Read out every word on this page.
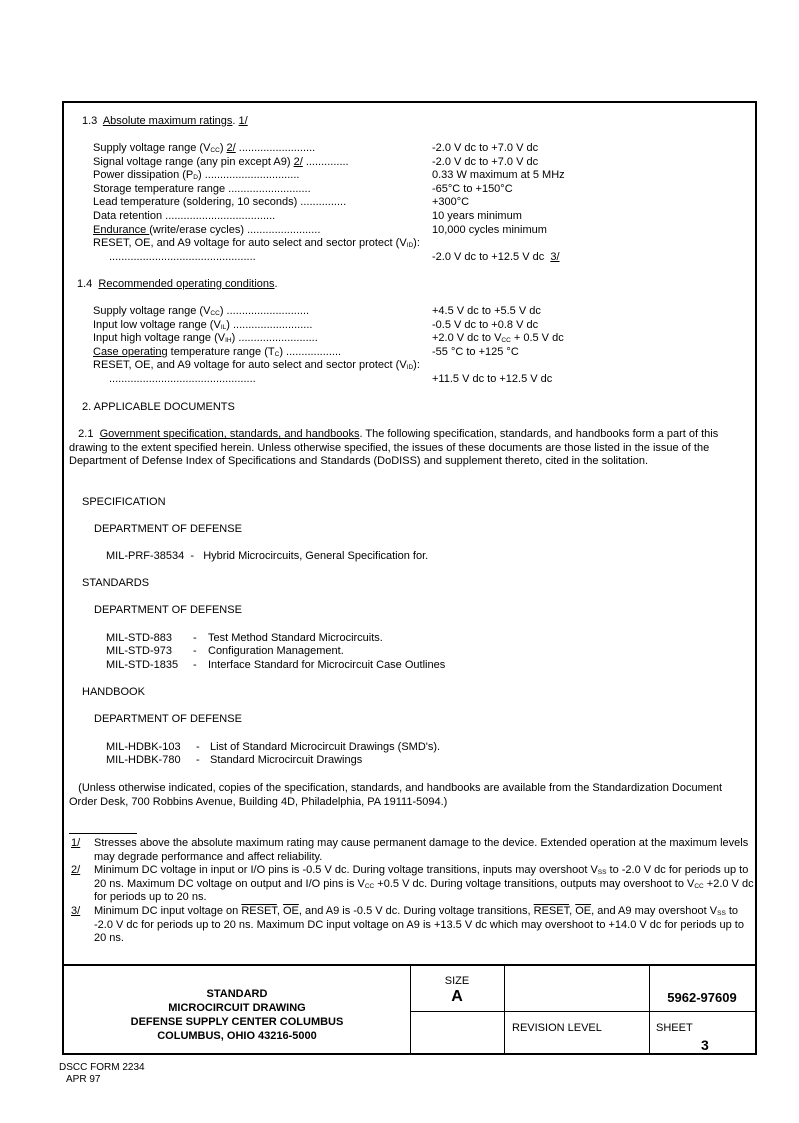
1.3 Absolute maximum ratings. 1/
Supply voltage range $(V_{CC})$ 2/ .........................	-2.0 V dc to +7.0 V dc
Signal voltage range (any pin except A9) 2/ ..............	-2.0 V dc to +7.0 V dc
Power dissipation $(P_D)$ ...............................	0.33 W maximum at 5 MHz
Storage temperature range ...........................	-65°C to +150°C
Lead temperature (soldering, 10 seconds) ...............	+300°C
Data retention ....................................	10 years minimum
Endurance (write/erase cycles) ........................	10,000 cycles minimum
RESET, OE, and A9 voltage for auto select and sector protect $(V_{ID})$:
................................................	-2.0 V dc to +12.5 V dc 3/
1.4 Recommended operating conditions.
Supply voltage range $(V_{CC})$ ...........................	+4.5 V dc to +5.5 V dc
Input low voltage range $(V_{IL})$ ..........................	-0.5 V dc to +0.8 V dc
Input high voltage range $(V_{IH})$ ..........................	+2.0 V dc to $V_{CC} + 0.5$ V dc
Case operating temperature range $(T_C)$ ..................	-55 °C to +125 °C
RESET, OE, and A9 voltage for auto select and sector protect $(V_{ID})$:
................................................	+11.5 V dc to +12.5 V dc
2. APPLICABLE DOCUMENTS
2.1 Government specification, standards, and handbooks. The following specification, standards, and handbooks form a part of this drawing to the extent specified herein. Unless otherwise specified, the issues of these documents are those listed in the issue of the Department of Defense Index of Specifications and Standards (DoDISS) and supplement thereto, cited in the solitation.
SPECIFICATION
DEPARTMENT OF DEFENSE
MIL-PRF-38534 - Hybrid Microcircuits, General Specification for.
STANDARDS
DEPARTMENT OF DEFENSE
MIL-STD-883 - Test Method Standard Microcircuits.
MIL-STD-973 - Configuration Management.
MIL-STD-1835 - Interface Standard for Microcircuit Case Outlines
HANDBOOK
DEPARTMENT OF DEFENSE
MIL-HDBK-103 - List of Standard Microcircuit Drawings (SMD's).
MIL-HDBK-780 - Standard Microcircuit Drawings
(Unless otherwise indicated, copies of the specification, standards, and handbooks are available from the Standardization Document Order Desk, 700 Robbins Avenue, Building 4D, Philadelphia, PA 19111-5094.)
1/ Stresses above the absolute maximum rating may cause permanent damage to the device. Extended operation at the maximum levels may degrade performance and affect reliability.
2/ Minimum DC voltage in input or I/O pins is -0.5 V dc. During voltage transitions, inputs may overshoot $V_{SS}$ to -2.0 V dc for periods up to 20 ns. Maximum DC voltage on output and I/O pins is $V_{CC} +0.5$ V dc. During voltage transitions, outputs may overshoot to $V_{CC} +2.0$ V dc for periods up to 20 ns.
3/ Minimum DC input voltage on RESET, $\overline{OE}$, and A9 is -0.5 V dc. During voltage transitions, RESET, $\overline{OE}$, and A9 may overshoot $V_{SS}$ to -2.0 V dc for periods up to 20 ns. Maximum DC input voltage on A9 is +13.5 V dc which may overshoot to +14.0 V dc for periods up to 20 ns.
STANDARD
MICROCIRCUIT DRAWING
DEFENSE SUPPLY CENTER COLUMBUS
COLUMBUS, OHIO 43216-5000
SIZE
A	5962-97609
REVISION LEVEL	SHEET
3
DSCC FORM 2234
APR 97
